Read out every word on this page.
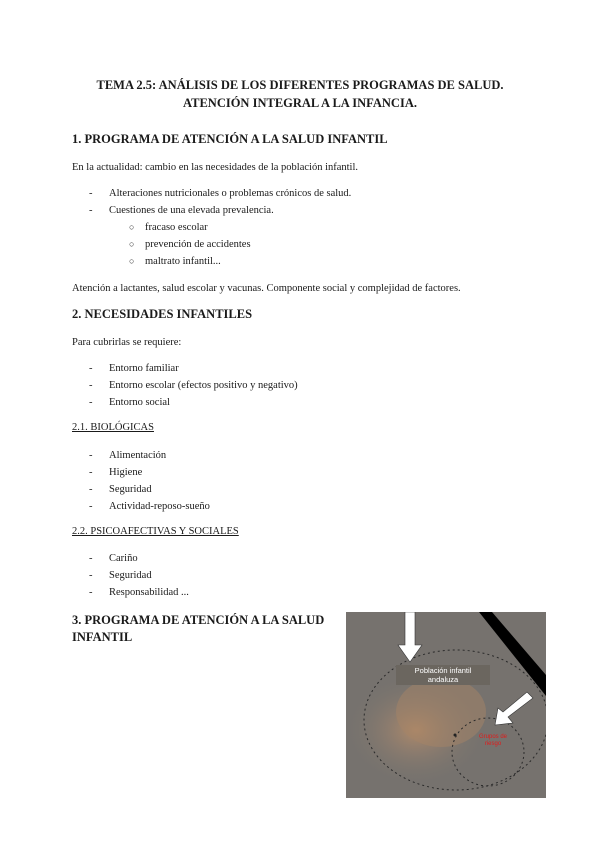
TEMA 2.5: ANÁLISIS DE LOS DIFERENTES PROGRAMAS DE SALUD.
ATENCIÓN INTEGRAL A LA INFANCIA.
1. PROGRAMA DE ATENCIÓN A LA SALUD INFANTIL
En la actualidad: cambio en las necesidades de la población infantil.
- Alteraciones nutricionales o problemas crónicos de salud.
- Cuestiones de una elevada prevalencia.
○ fracaso escolar
○ prevención de accidentes
○ maltrato infantil...
Atención a lactantes, salud escolar y vacunas. Componente social y complejidad de factores.
2. NECESIDADES INFANTILES
Para cubrirlas se requiere:
- Entorno familiar
- Entorno escolar (efectos positivo y negativo)
- Entorno social
2.1. BIOLÓGICAS
- Alimentación
- Higiene
- Seguridad
- Actividad-reposo-sueño
2.2. PSICOAFECTIVAS Y SOCIALES
- Cariño
- Seguridad
- Responsabilidad ...
3. PROGRAMA DE ATENCIÓN A LA SALUD
INFANTIL
Población infantil
andaluza
Grupos de
riesgo
